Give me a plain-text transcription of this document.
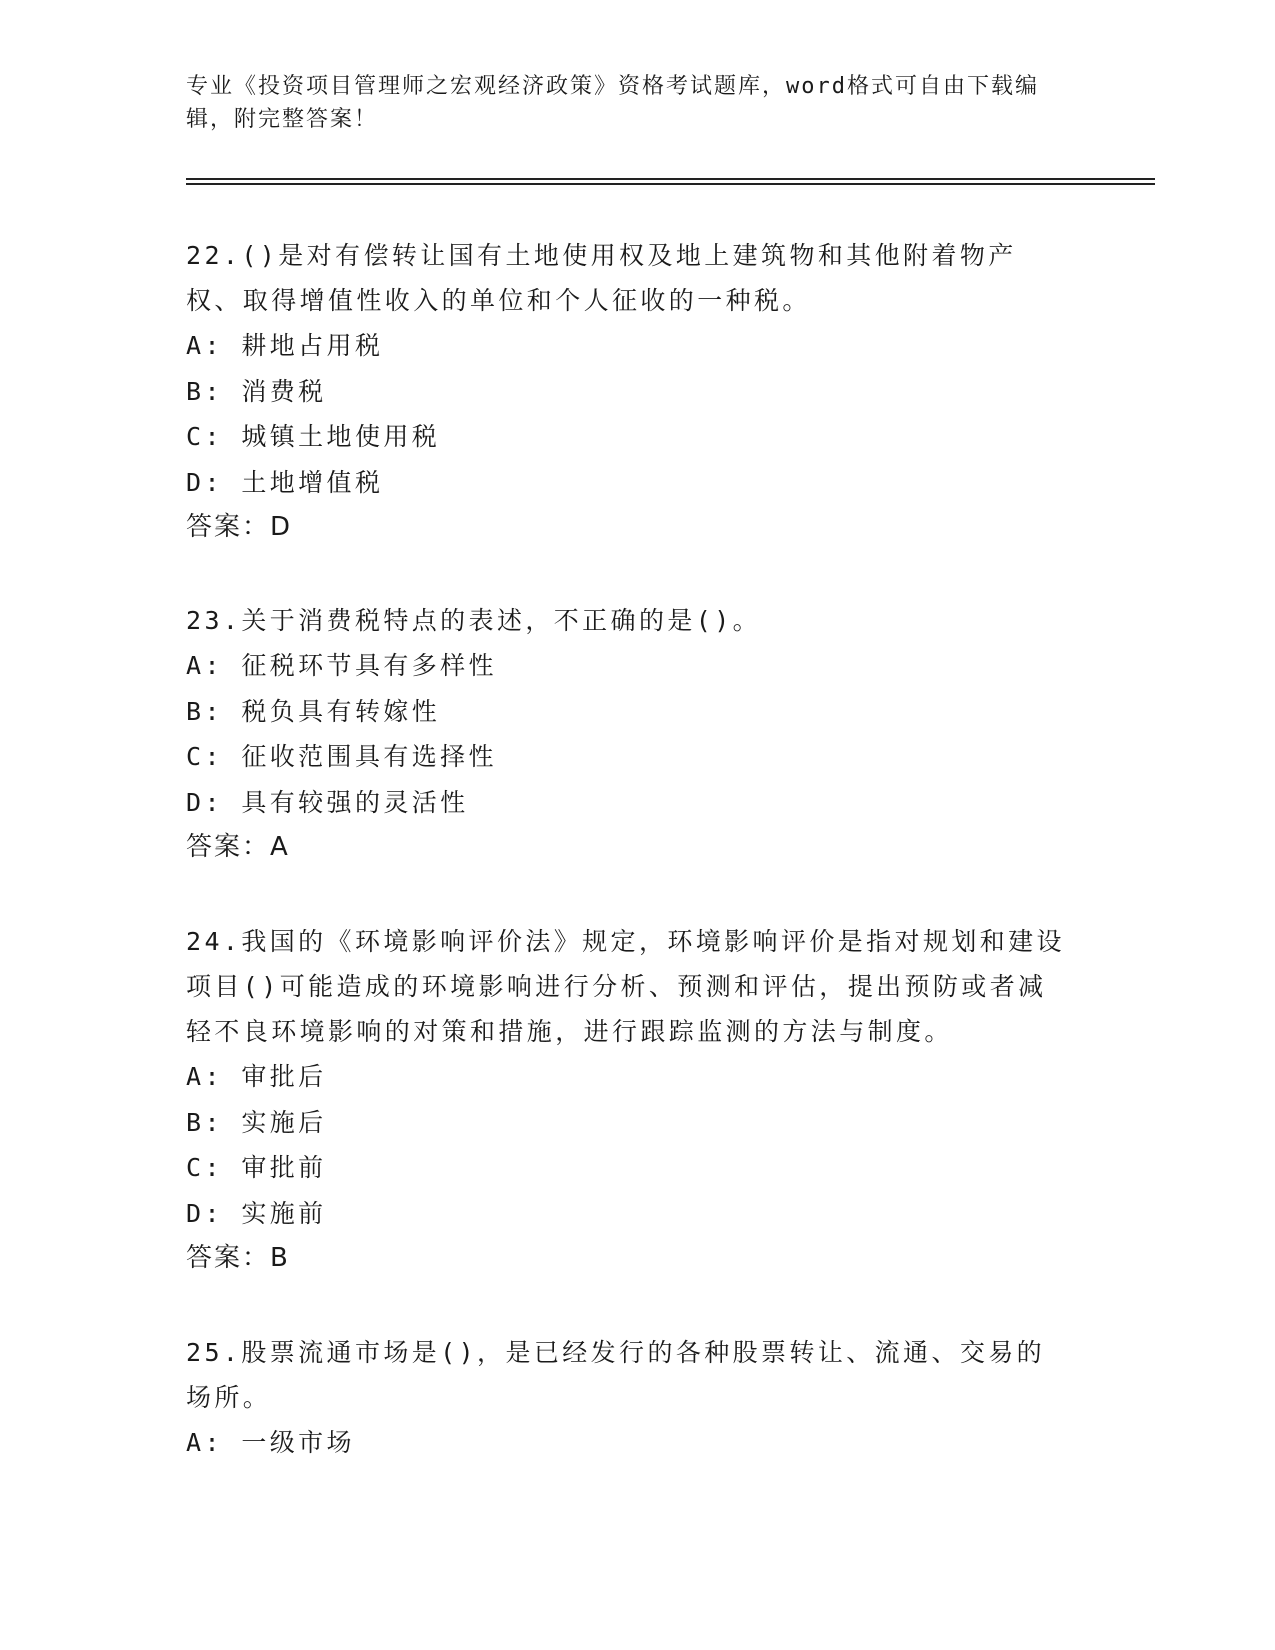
专业《投资项目管理师之宏观经济政策》资格考试题库，word格式可自由下载编辑，附完整答案！
22.()是对有偿转让国有土地使用权及地上建筑物和其他附着物产权、取得增值性收入的单位和个人征收的一种税。
A: 耕地占用税
B: 消费税
C: 城镇土地使用税
D: 土地增值税
答案：D
23.关于消费税特点的表述，不正确的是()。
A: 征税环节具有多样性
B: 税负具有转嫁性
C: 征收范围具有选择性
D: 具有较强的灵活性
答案：A
24.我国的《环境影响评价法》规定，环境影响评价是指对规划和建设项目()可能造成的环境影响进行分析、预测和评估，提出预防或者减轻不良环境影响的对策和措施，进行跟踪监测的方法与制度。
A: 审批后
B: 实施后
C: 审批前
D: 实施前
答案：B
25.股票流通市场是()，是已经发行的各种股票转让、流通、交易的场所。
A: 一级市场
